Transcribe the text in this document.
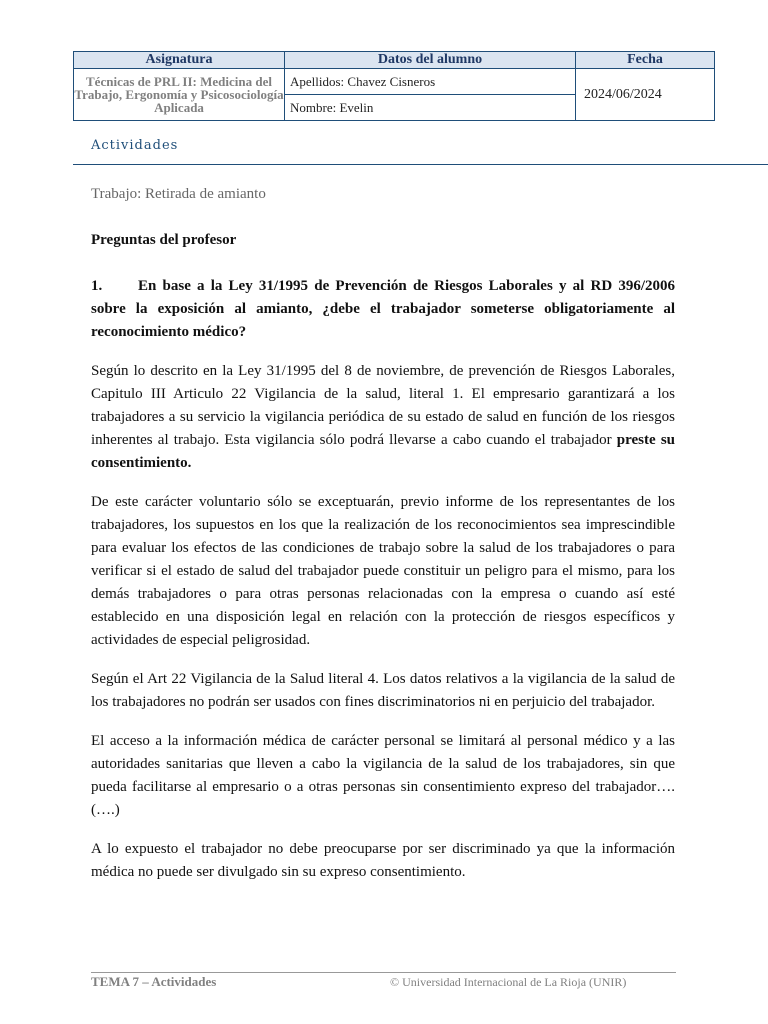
Asignatura	Datos del alumno	Fecha
Técnicas de PRL II: Medicina del Trabajo, Ergonomía y Psicosociología Aplicada	Apellidos: Chavez Cisneros	2024/06/2024
	Nombre: Evelin	
Actividades

Trabajo: Retirada de amianto

Preguntas del profesor

1. En base a la Ley 31/1995 de Prevención de Riesgos Laborales y al RD 396/2006 sobre la exposición al amianto, ¿debe el trabajador someterse obligatoriamente al reconocimiento médico?

Según lo descrito en la Ley 31/1995 del 8 de noviembre, de prevención de Riesgos Laborales, Capitulo III Articulo 22 Vigilancia de la salud, literal 1. El empresario garantizará a los trabajadores a su servicio la vigilancia periódica de su estado de salud en función de los riesgos inherentes al trabajo. Esta vigilancia sólo podrá llevarse a cabo cuando el trabajador preste su consentimiento.

De este carácter voluntario sólo se exceptuarán, previo informe de los representantes de los trabajadores, los supuestos en los que la realización de los reconocimientos sea imprescindible para evaluar los efectos de las condiciones de trabajo sobre la salud de los trabajadores o para verificar si el estado de salud del trabajador puede constituir un peligro para el mismo, para los demás trabajadores o para otras personas relacionadas con la empresa o cuando así esté establecido en una disposición legal en relación con la protección de riesgos específicos y actividades de especial peligrosidad.

Según el Art 22 Vigilancia de la Salud literal 4. Los datos relativos a la vigilancia de la salud de los trabajadores no podrán ser usados con fines discriminatorios ni en perjuicio del trabajador.

El acceso a la información médica de carácter personal se limitará al personal médico y a las autoridades sanitarias que lleven a cabo la vigilancia de la salud de los trabajadores, sin que pueda facilitarse al empresario o a otras personas sin consentimiento expreso del trabajador….(….)

A lo expuesto el trabajador no debe preocuparse por ser discriminado ya que la información médica no puede ser divulgado sin su expreso consentimiento.

TEMA 7 – Actividades	© Universidad Internacional de La Rioja (UNIR)
